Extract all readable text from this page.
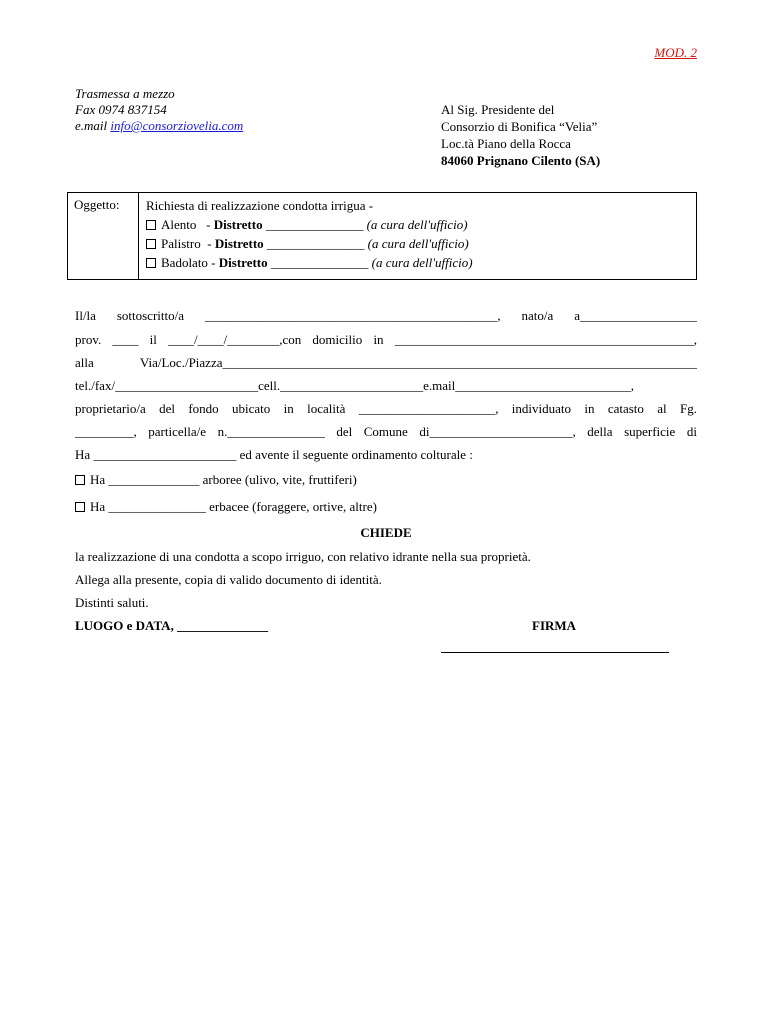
MOD. 2
Trasmessa a mezzo
Fax 0974 837154
e.mail info@consorziovelia.com
Al Sig. Presidente del
Consorzio di Bonifica “Velia”
Loc.tà Piano della Rocca
84060 Prignano Cilento (SA)
Oggetto: Richiesta di realizzazione condotta irrigua -
Alento   - Distretto _______________ (a cura dell'ufficio)
Palistro  - Distretto _______________ (a cura dell'ufficio)
Badolato - Distretto _______________ (a cura dell'ufficio)
Il/la sottoscritto/a _____________________________________________, nato/a a__________________
prov. ____ il ____/____/________,con domicilio in ______________________________________________,
alla	Via/Loc./Piazza_________________________________________________________________________
tel./fax/______________________cell.______________________e.mail___________________________,
proprietario/a del fondo ubicato in località _____________________, individuato in catasto al Fg.
_________, particella/e n._______________ del Comune di______________________, della superficie di
Ha ______________________ ed avente il seguente ordinamento colturale :
Ha ______________ arboree (ulivo, vite, fruttiferi)
Ha _______________ erbacee (foraggere, ortive, altre)
CHIEDE
la realizzazione di una condotta a scopo irriguo, con relativo idrante nella sua proprietà.
Allega alla presente, copia di valido documento di identità.
Distinti saluti.
LUOGO e DATA, ______________	FIRMA
